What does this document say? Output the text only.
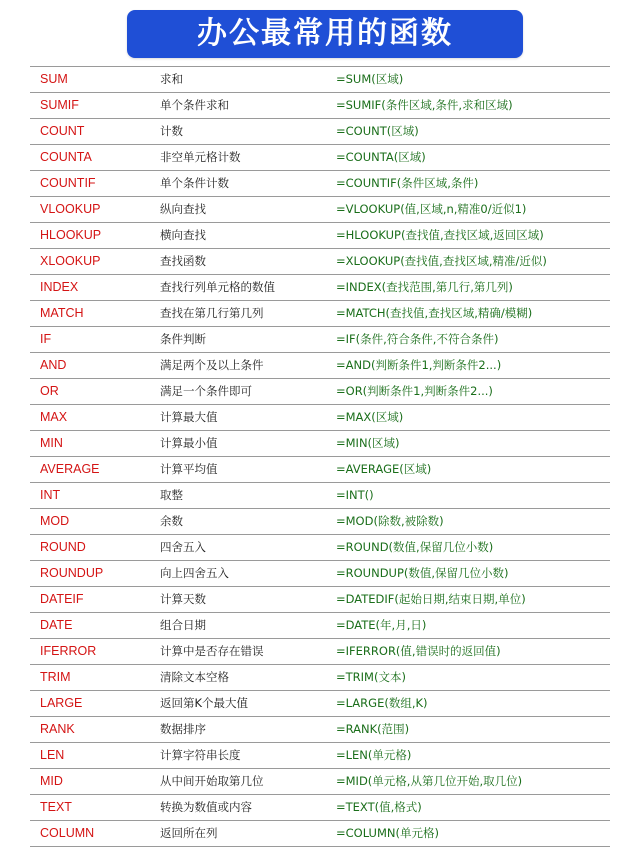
办公最常用的函数
SUM	求和	=SUM(区域)
SUMIF	单个条件求和	=SUMIF(条件区域,条件,求和区域)
COUNT	计数	=COUNT(区域)
COUNTA	非空单元格计数	=COUNTA(区域)
COUNTIF	单个条件计数	=COUNTIF(条件区域,条件)
VLOOKUP	纵向查找	=VLOOKUP(值,区域,n,精准0/近似1)
HLOOKUP	横向查找	=HLOOKUP(查找值,查找区域,返回区域)
XLOOKUP	查找函数	=XLOOKUP(查找值,查找区域,精准/近似)
INDEX	查找行列单元格的数值	=INDEX(查找范围,第几行,第几列)
MATCH	查找在第几行第几列	=MATCH(查找值,查找区域,精确/模糊)
IF	条件判断	=IF(条件,符合条件,不符合条件)
AND	满足两个及以上条件	=AND(判断条件1,判断条件2...)
OR	满足一个条件即可	=OR(判断条件1,判断条件2...)
MAX	计算最大值	=MAX(区域)
MIN	计算最小值	=MIN(区域)
AVERAGE	计算平均值	=AVERAGE(区域)
INT	取整	=INT()
MOD	余数	=MOD(除数,被除数)
ROUND	四舍五入	=ROUND(数值,保留几位小数)
ROUNDUP	向上四舍五入	=ROUNDUP(数值,保留几位小数)
DATEIF	计算天数	=DATEDIF(起始日期,结束日期,单位)
DATE	组合日期	=DATE(年,月,日)
IFERROR	计算中是否存在错误	=IFERROR(值,错误时的返回值)
TRIM	清除文本空格	=TRIM(文本)
LARGE	返回第K个最大值	=LARGE(数组,K)
RANK	数据排序	=RANK(范围)
LEN	计算字符串长度	=LEN(单元格)
MID	从中间开始取第几位	=MID(单元格,从第几位开始,取几位)
TEXT	转换为数值或内容	=TEXT(值,格式)
COLUMN	返回所在列	=COLUMN(单元格)
